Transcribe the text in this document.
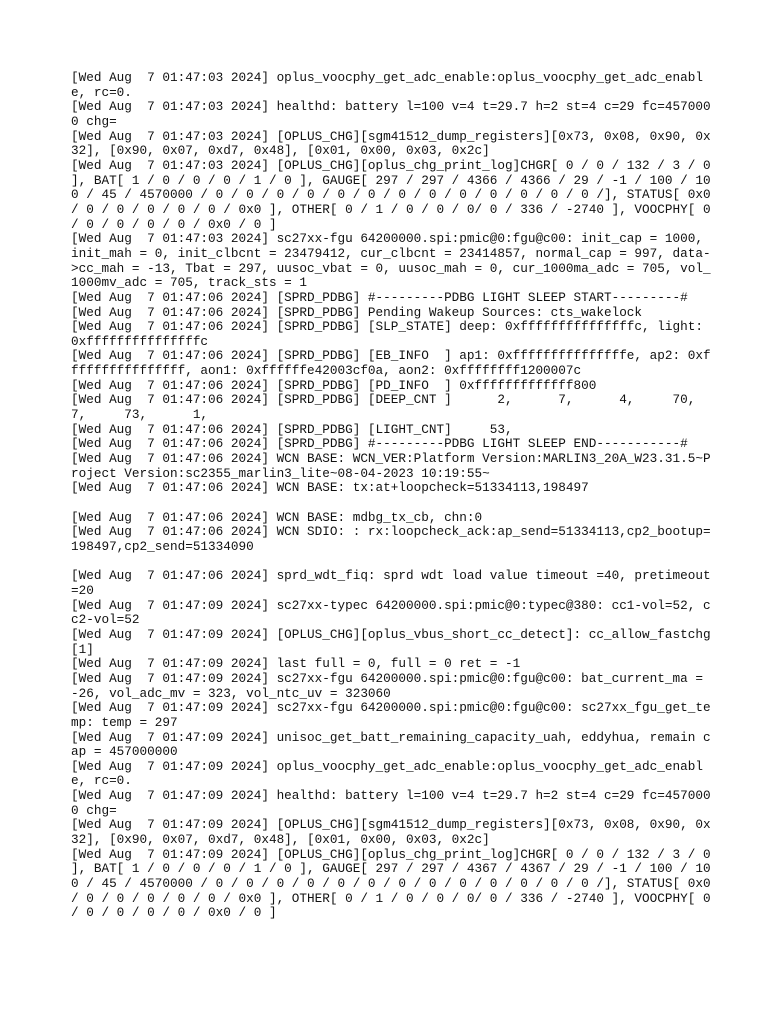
[Wed Aug  7 01:47:03 2024] oplus_voocphy_get_adc_enable:oplus_voocphy_get_adc_enable, rc=0.
[Wed Aug  7 01:47:03 2024] healthd: battery l=100 v=4 t=29.7 h=2 st=4 c=29 fc=4570000 chg=
[Wed Aug  7 01:47:03 2024] [OPLUS_CHG][sgm41512_dump_registers][0x73, 0x08, 0x90, 0x32], [0x90, 0x07, 0xd7, 0x48], [0x01, 0x00, 0x03, 0x2c]
[Wed Aug  7 01:47:03 2024] [OPLUS_CHG][oplus_chg_print_log]CHGR[ 0 / 0 / 132 / 3 / 0 ], BAT[ 1 / 0 / 0 / 0 / 1 / 0 ], GAUGE[ 297 / 297 / 4366 / 4366 / 29 / -1 / 100 / 100 / 45 / 4570000 / 0 / 0 / 0 / 0 / 0 / 0 / 0 / 0 / 0 / 0 / 0 / 0 / 0 /], STATUS[ 0x0 / 0 / 0 / 0 / 0 / 0 / 0x0 ], OTHER[ 0 / 1 / 0 / 0 / 0/ 0 / 336 / -2740 ], VOOCPHY[ 0 / 0 / 0 / 0 / 0 / 0x0 / 0 ]
[Wed Aug  7 01:47:03 2024] sc27xx-fgu 64200000.spi:pmic@0:fgu@c00: init_cap = 1000, init_mah = 0, init_clbcnt = 23479412, cur_clbcnt = 23414857, normal_cap = 997, data->cc_mah = -13, Tbat = 297, uusoc_vbat = 0, uusoc_mah = 0, cur_1000ma_adc = 705, vol_1000mv_adc = 705, track_sts = 1
[Wed Aug  7 01:47:06 2024] [SPRD_PDBG] #---------PDBG LIGHT SLEEP START---------#
[Wed Aug  7 01:47:06 2024] [SPRD_PDBG] Pending Wakeup Sources: cts_wakelock
[Wed Aug  7 01:47:06 2024] [SPRD_PDBG] [SLP_STATE] deep: 0xfffffffffffffffc, light: 0xfffffffffffffffc
[Wed Aug  7 01:47:06 2024] [SPRD_PDBG] [EB_INFO  ] ap1: 0xfffffffffffffffe, ap2: 0xffffffffffffffff, aon1: 0xffffffe42003cf0a, aon2: 0xffffffff1200007c
[Wed Aug  7 01:47:06 2024] [SPRD_PDBG] [PD_INFO  ] 0xfffffffffffff800
[Wed Aug  7 01:47:06 2024] [SPRD_PDBG] [DEEP_CNT ]      2,      7,      4,     70,      7,     73,      1,
[Wed Aug  7 01:47:06 2024] [SPRD_PDBG] [LIGHT_CNT]     53,
[Wed Aug  7 01:47:06 2024] [SPRD_PDBG] #---------PDBG LIGHT SLEEP END-----------#
[Wed Aug  7 01:47:06 2024] WCN BASE: WCN_VER:Platform Version:MARLIN3_20A_W23.31.5~Project Version:sc2355_marlin3_lite~08-04-2023 10:19:55~
[Wed Aug  7 01:47:06 2024] WCN BASE: tx:at+loopcheck=51334113,198497
[Wed Aug  7 01:47:06 2024] WCN BASE: mdbg_tx_cb, chn:0
[Wed Aug  7 01:47:06 2024] WCN SDIO: : rx:loopcheck_ack:ap_send=51334113,cp2_bootup=198497,cp2_send=51334090
[Wed Aug  7 01:47:06 2024] sprd_wdt_fiq: sprd wdt load value timeout =40, pretimeout =20
[Wed Aug  7 01:47:09 2024] sc27xx-typec 64200000.spi:pmic@0:typec@380: cc1-vol=52, cc2-vol=52
[Wed Aug  7 01:47:09 2024] [OPLUS_CHG][oplus_vbus_short_cc_detect]: cc_allow_fastchg [1]
[Wed Aug  7 01:47:09 2024] last full = 0, full = 0 ret = -1
[Wed Aug  7 01:47:09 2024] sc27xx-fgu 64200000.spi:pmic@0:fgu@c00: bat_current_ma = -26, vol_adc_mv = 323, vol_ntc_uv = 323060
[Wed Aug  7 01:47:09 2024] sc27xx-fgu 64200000.spi:pmic@0:fgu@c00: sc27xx_fgu_get_temp: temp = 297
[Wed Aug  7 01:47:09 2024] unisoc_get_batt_remaining_capacity_uah, eddyhua, remain cap = 457000000
[Wed Aug  7 01:47:09 2024] oplus_voocphy_get_adc_enable:oplus_voocphy_get_adc_enable, rc=0.
[Wed Aug  7 01:47:09 2024] healthd: battery l=100 v=4 t=29.7 h=2 st=4 c=29 fc=4570000 chg=
[Wed Aug  7 01:47:09 2024] [OPLUS_CHG][sgm41512_dump_registers][0x73, 0x08, 0x90, 0x32], [0x90, 0x07, 0xd7, 0x48], [0x01, 0x00, 0x03, 0x2c]
[Wed Aug  7 01:47:09 2024] [OPLUS_CHG][oplus_chg_print_log]CHGR[ 0 / 0 / 132 / 3 / 0 ], BAT[ 1 / 0 / 0 / 0 / 1 / 0 ], GAUGE[ 297 / 297 / 4367 / 4367 / 29 / -1 / 100 / 100 / 45 / 4570000 / 0 / 0 / 0 / 0 / 0 / 0 / 0 / 0 / 0 / 0 / 0 / 0 / 0 /], STATUS[ 0x0 / 0 / 0 / 0 / 0 / 0 / 0x0 ], OTHER[ 0 / 1 / 0 / 0 / 0/ 0 / 336 / -2740 ], VOOCPHY[ 0 / 0 / 0 / 0 / 0 / 0x0 / 0 ]
